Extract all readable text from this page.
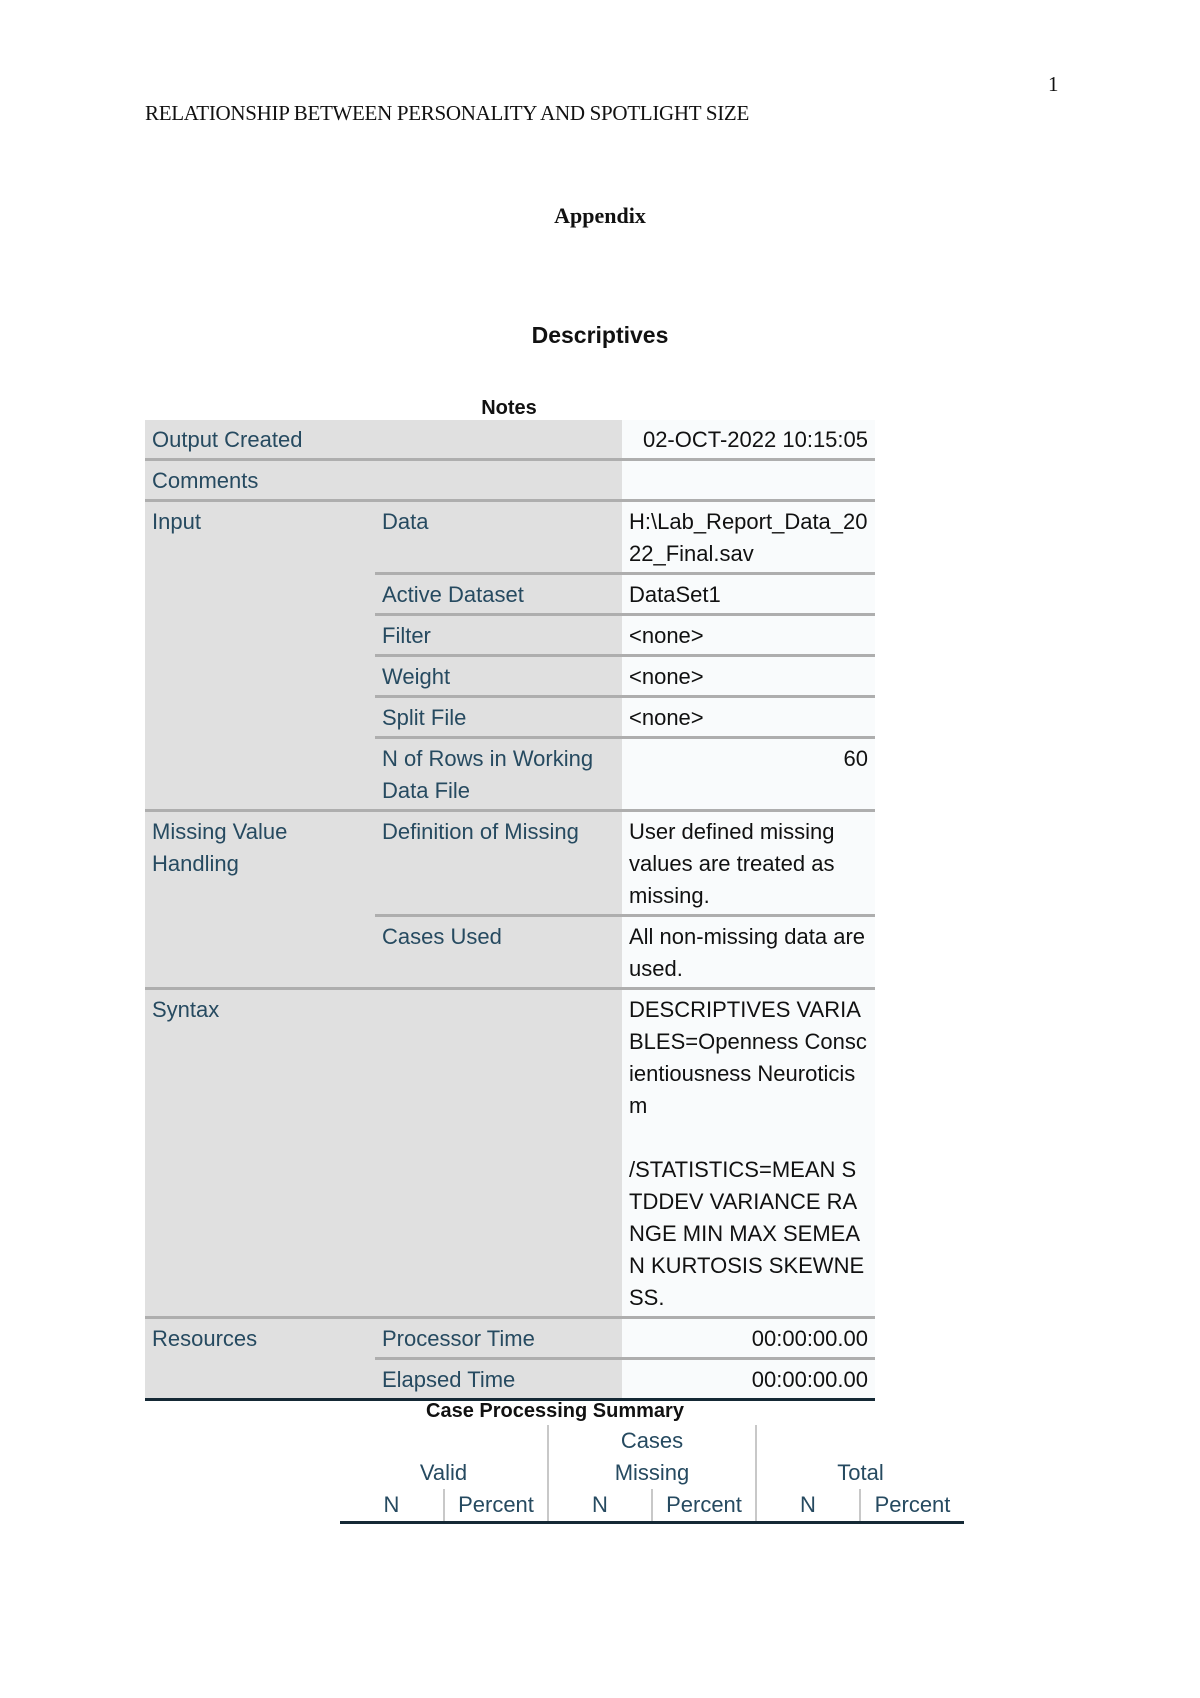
1
RELATIONSHIP BETWEEN PERSONALITY AND SPOTLIGHT SIZE
Appendix
Descriptives
Notes
Output Created		02-OCT-2022 10:15:05
Comments		
Input	Data	H:\Lab_Report_Data_2022_Final.sav
	Active Dataset	DataSet1
	Filter	<none>
	Weight	<none>
	Split File	<none>
	N of Rows in Working Data File	60
Missing Value Handling	Definition of Missing	User defined missing values are treated as missing.
	Cases Used	All non-missing data are used.
Syntax		DESCRIPTIVES VARIABLES=Openness Conscientiousness Neuroticism
/STATISTICS=MEAN STDDEV VARIANCE RANGE MIN MAX SEMEAN KURTOSIS SKEWNESS.

Resources	Processor Time	00:00:00.00
	Elapsed Time	00:00:00.00
Case Processing Summary
		Cases			
Valid		Missing		Total	
N	Percent	N	Percent	N	Percent
